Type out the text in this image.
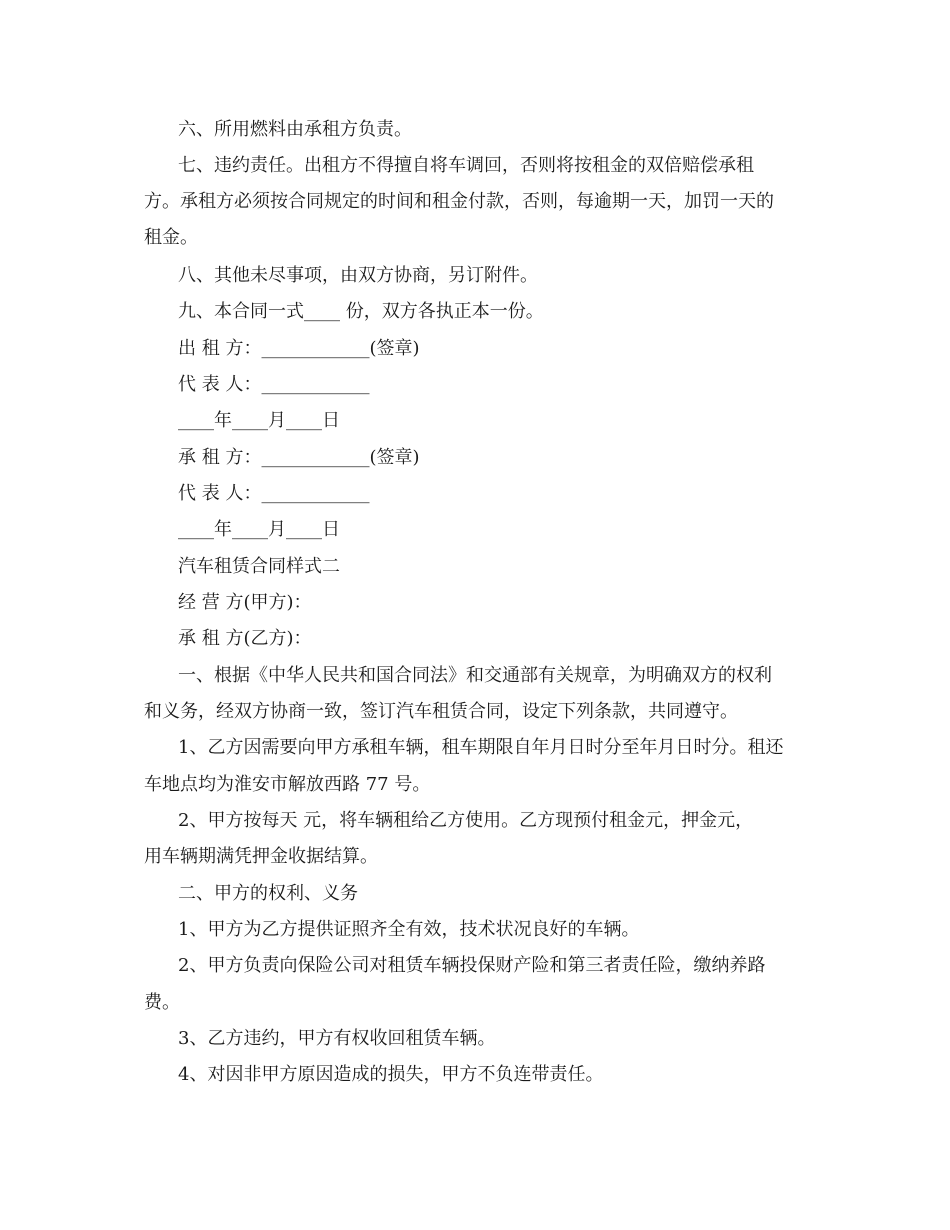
六、所用燃料由承租方负责。
七、违约责任。出租方不得擅自将车调回，否则将按租金的双倍赔偿承租
方。承租方必须按合同规定的时间和租金付款，否则，每逾期一天，加罚一天的
租金。
八、其他未尽事项，由双方协商，另订附件。
九、本合同一式____ 份，双方各执正本一份。
出 租 方：____________(签章)
代 表 人：____________
____年____月____日
承 租 方：____________(签章)
代 表 人：____________
____年____月____日
汽车租赁合同样式二
经 营 方(甲方)：
承 租 方(乙方)：
一、根据《中华人民共和国合同法》和交通部有关规章，为明确双方的权利
和义务，经双方协商一致，签订汽车租赁合同，设定下列条款，共同遵守。
1、乙方因需要向甲方承租车辆，租车期限自年月日时分至年月日时分。租还
车地点均为淮安市解放西路 77 号。
2、甲方按每天 元，将车辆租给乙方使用。乙方现预付租金元，押金元，
用车辆期满凭押金收据结算。
二、甲方的权利、义务
1、甲方为乙方提供证照齐全有效，技术状况良好的车辆。
2、甲方负责向保险公司对租赁车辆投保财产险和第三者责任险，缴纳养路
费。
3、乙方违约，甲方有权收回租赁车辆。
4、对因非甲方原因造成的损失，甲方不负连带责任。
